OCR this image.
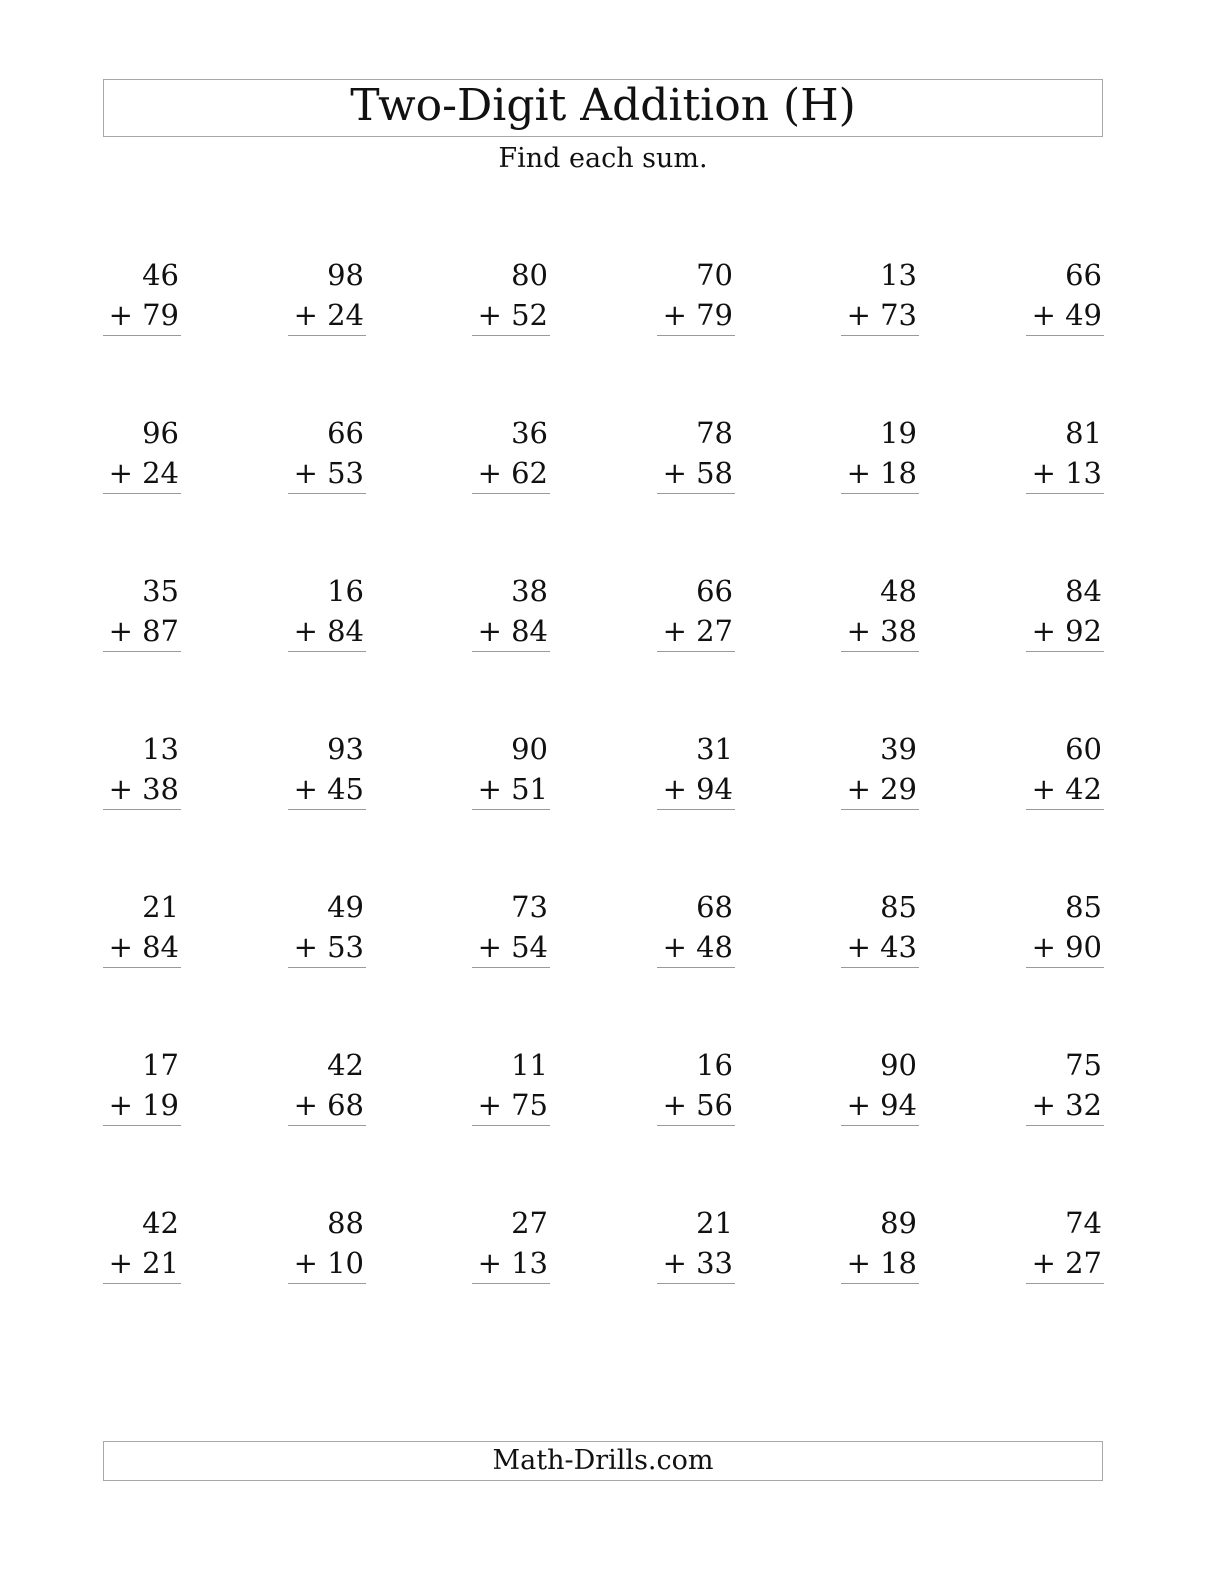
Two-Digit Addition (H)
Find each sum.
46
+ 79
98
+ 24
80
+ 52
70
+ 79
13
+ 73
66
+ 49
96
+ 24
66
+ 53
36
+ 62
78
+ 58
19
+ 18
81
+ 13
35
+ 87
16
+ 84
38
+ 84
66
+ 27
48
+ 38
84
+ 92
13
+ 38
93
+ 45
90
+ 51
31
+ 94
39
+ 29
60
+ 42
21
+ 84
49
+ 53
73
+ 54
68
+ 48
85
+ 43
85
+ 90
17
+ 19
42
+ 68
11
+ 75
16
+ 56
90
+ 94
75
+ 32
42
+ 21
88
+ 10
27
+ 13
21
+ 33
89
+ 18
74
+ 27
Math-Drills.com
